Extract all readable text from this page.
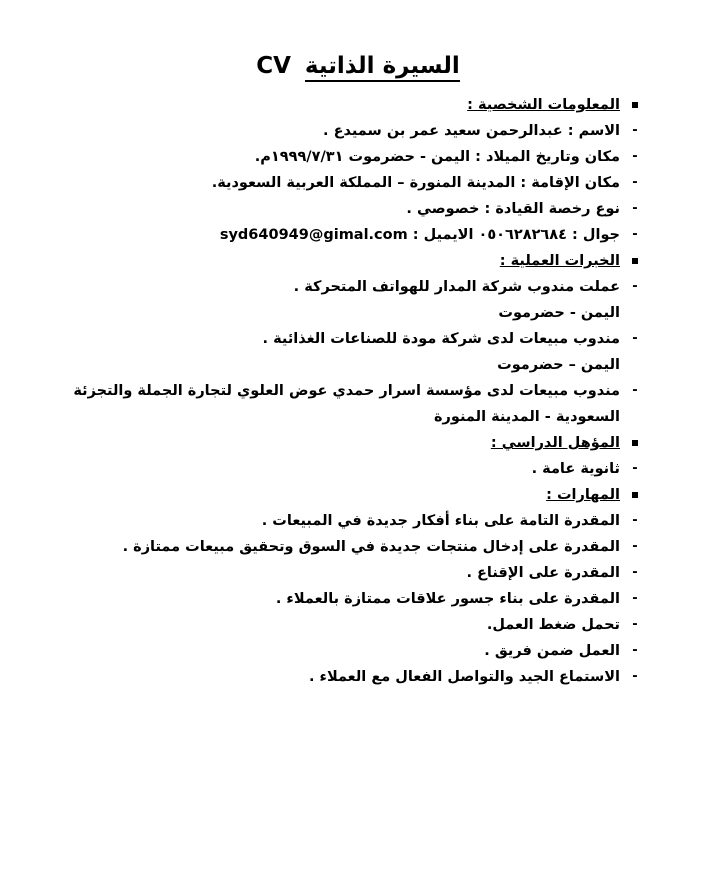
CV السيرة الذاتية
المعلومات الشخصية :
-
الاسم : عبدالرحمن سعيد عمر بن سميدع .
-
مكان وتاريخ الميلاد : اليمن - حضرموت ١٩٩٩/٧/٣١م.
-
مكان الإقامة : المدينة المنورة – المملكة العربية السعودية.
-
نوع رخصة القيادة : خصوصي .
-
جوال : ٠٥٠٦٢٨٢٦٨٤ الايميل : syd640949@gimal.com
الخبرات العملية :
-
عملت مندوب شركة المدار للهواتف المتحركة .
اليمن - حضرموت
-
مندوب مبيعات لدى شركة مودة للصناعات الغذائية .
اليمن – حضرموت
-
مندوب مبيعات لدى مؤسسة اسرار حمدي عوض العلوي لتجارة الجملة والتجزئة
السعودية - المدينة المنورة
المؤهل الدراسي :
-
ثانوية عامة .
المهارات :
-
المقدرة التامة على بناء أفكار جديدة في المبيعات .
-
المقدرة على إدخال منتجات جديدة في السوق وتحقيق مبيعات ممتازة .
-
المقدرة على الإقناع .
-
المقدرة على بناء جسور علاقات ممتازة بالعملاء .
-
تحمل ضغط العمل.
-
العمل ضمن فريق .
-
الاستماع الجيد والتواصل الفعال مع العملاء .
